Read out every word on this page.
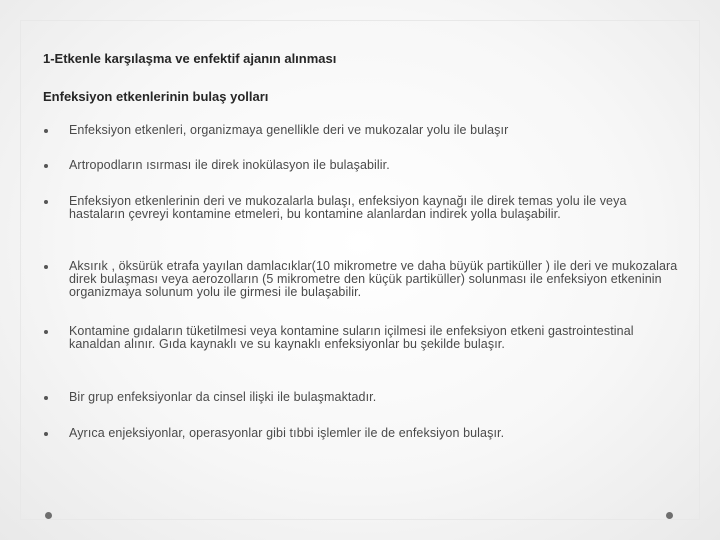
1-Etkenle karşılaşma ve enfektif ajanın alınması
Enfeksiyon etkenlerinin bulaş yolları
Enfeksiyon etkenleri, organizmaya genellikle deri ve mukozalar yolu ile bulaşır
Artropodların ısırması ile direk inokülasyon ile bulaşabilir.
Enfeksiyon etkenlerinin deri ve mukozalarla bulaşı, enfeksiyon kaynağı ile direk temas yolu ile veya hastaların çevreyi kontamine etmeleri, bu kontamine alanlardan indirek yolla bulaşabilir.
Aksırık , öksürük etrafa yayılan damlacıklar(10 mikrometre ve daha büyük partiküller ) ile deri ve mukozalara direk bulaşması veya aerozolların (5 mikrometre den küçük partiküller) solunması ile enfeksiyon etkeninin organizmaya solunum yolu ile girmesi ile bulaşabilir.
Kontamine gıdaların tüketilmesi veya kontamine suların içilmesi ile enfeksiyon etkeni gastrointestinal kanaldan alınır. Gıda kaynaklı ve su kaynaklı enfeksiyonlar bu şekilde bulaşır.
Bir grup enfeksiyonlar da cinsel ilişki ile bulaşmaktadır.
Ayrıca enjeksiyonlar, operasyonlar gibi tıbbi işlemler ile de enfeksiyon bulaşır.
